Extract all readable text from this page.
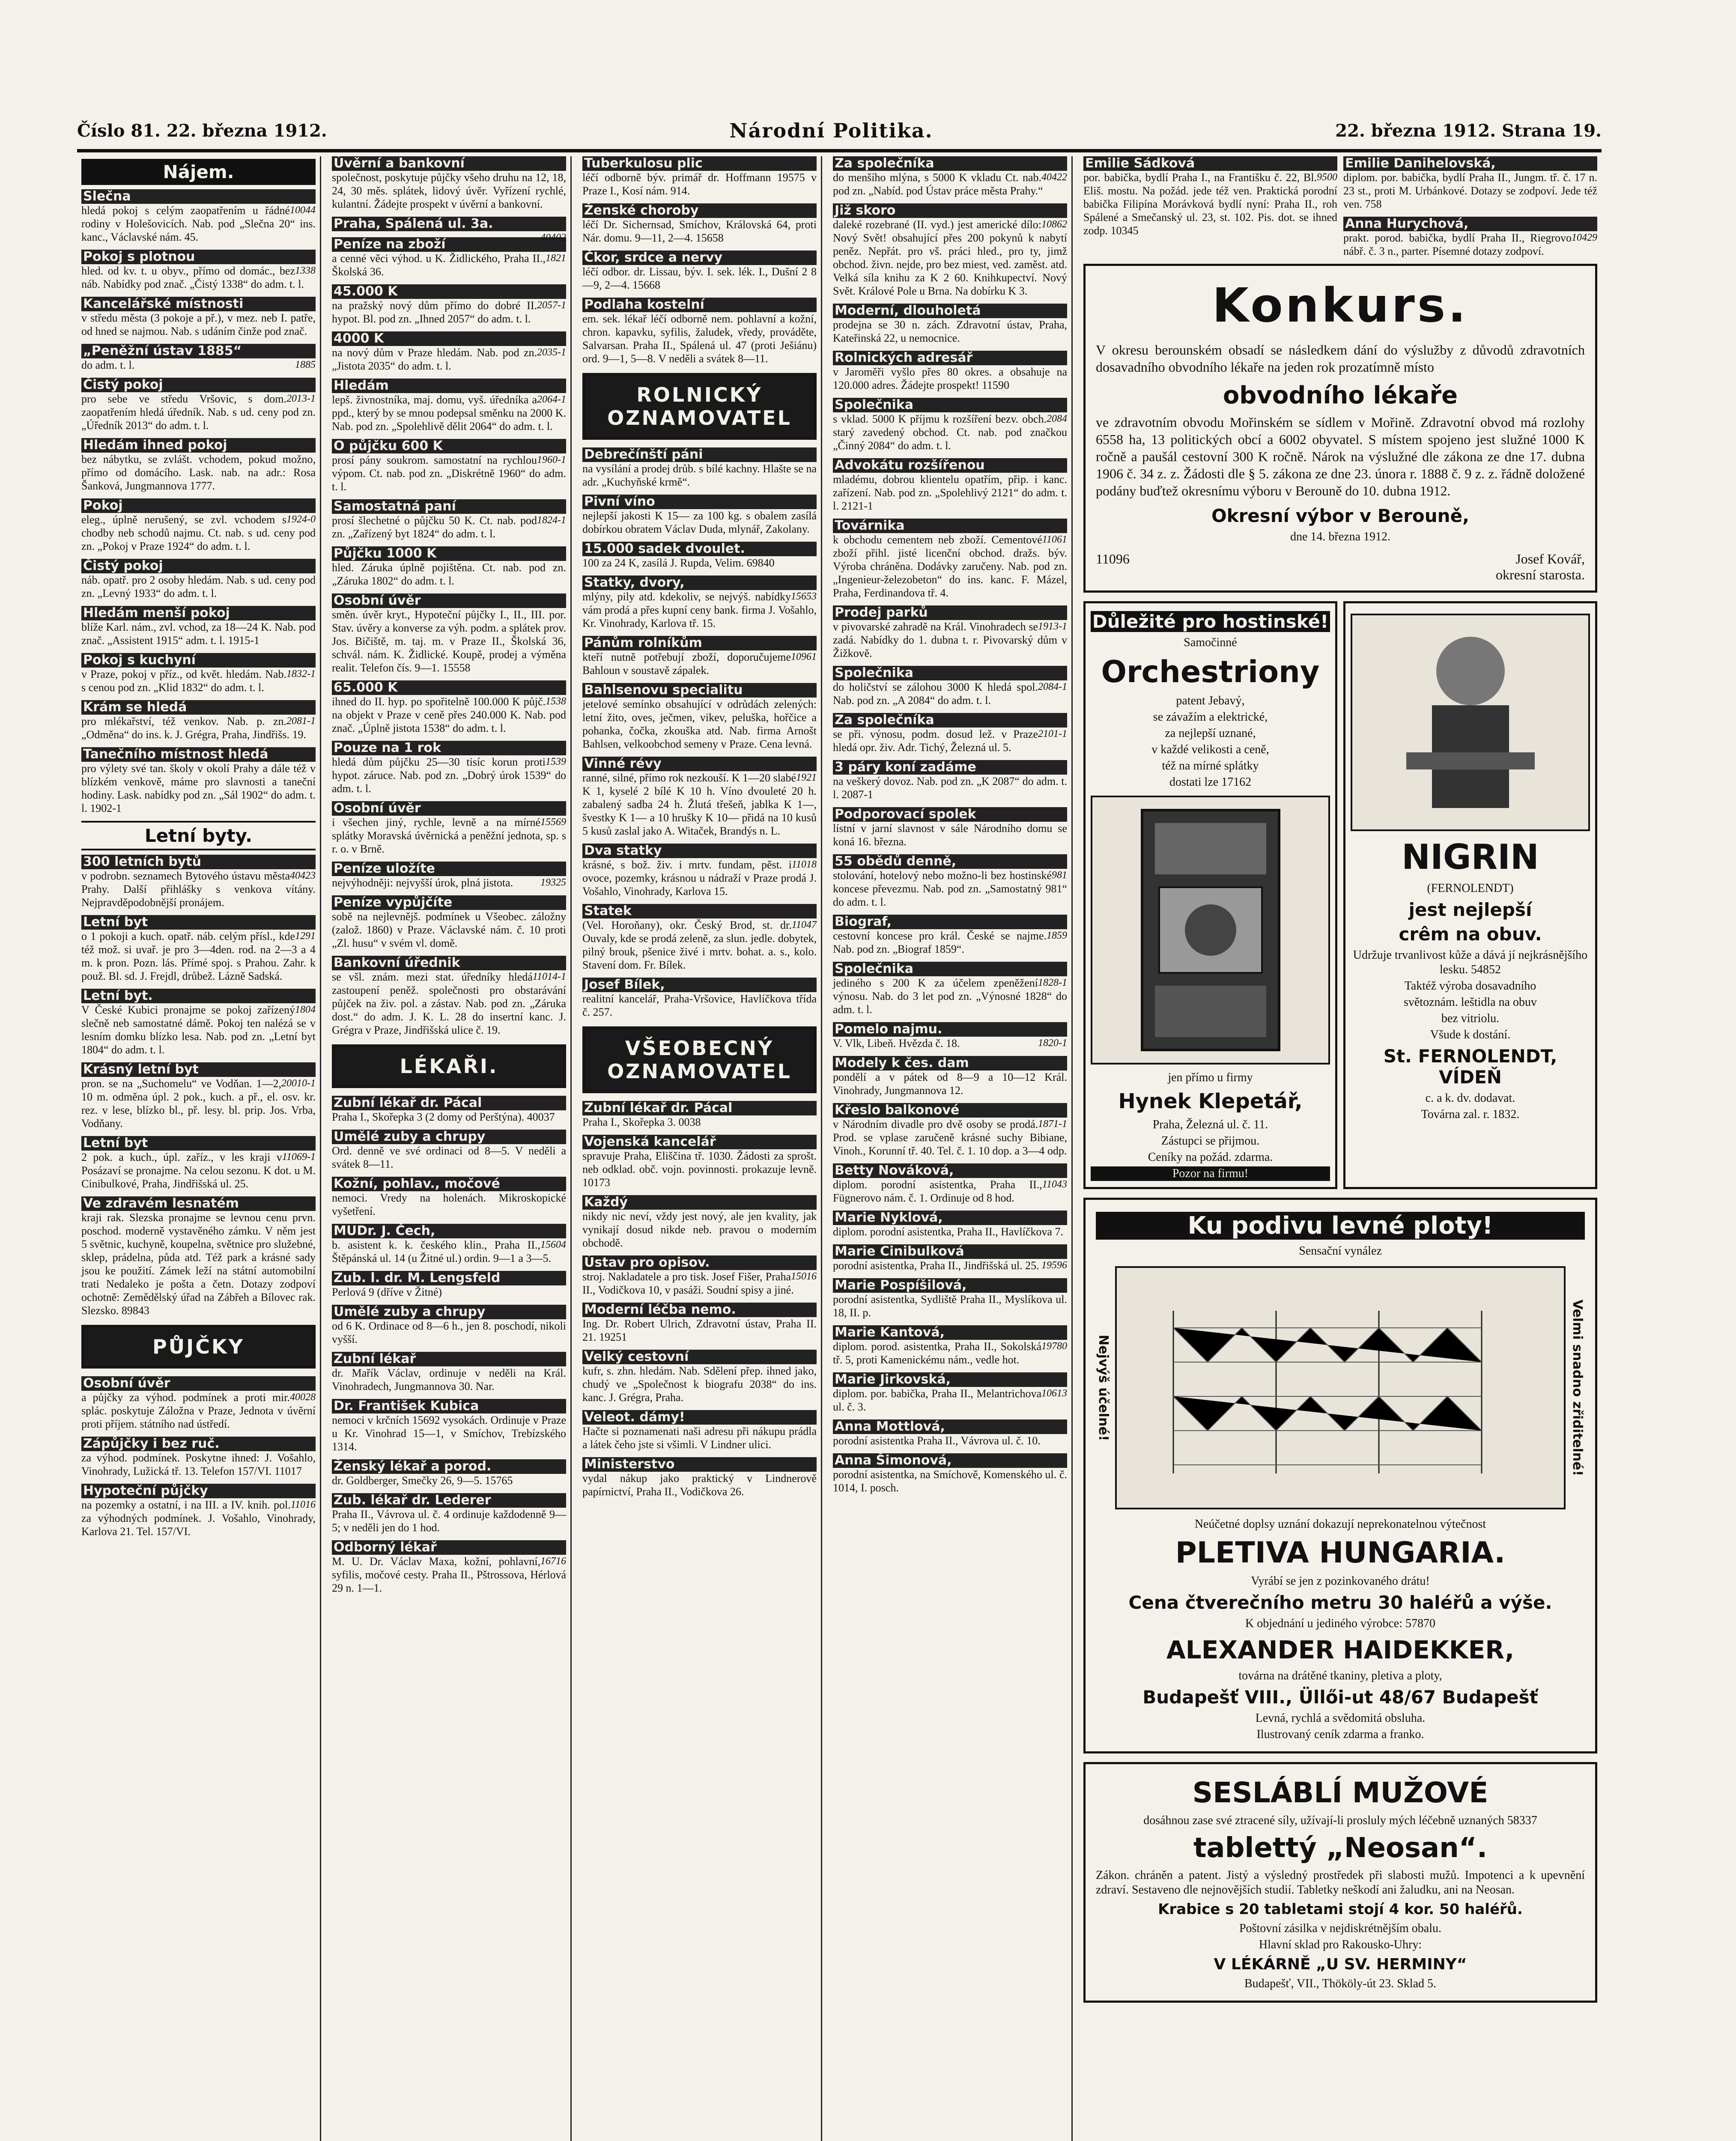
Číslo 81. 22. března 1912.	Národní Politika.	22. března 1912. Strana 19.
Nájem.
Slečna
10044
hledá pokoj s celým zaopatřením u řádné rodiny v Holešovicích. Nab. pod „Slečna 20“ ins. kanc., Václavské nám. 45.
Pokoj s plotnou
1338
hled. od kv. t. u obyv., přímo od domác., bez náb. Nabídky pod znač. „Čistý 1338“ do adm. t. l.
Kancelářské místnosti
v středu města (3 pokoje a př.), v mez. neb I. patře, od hned se najmou. Nab. s udáním činže pod znač.
„Peněžní ústav 1885“
1885
do adm. t. l.
Čistý pokoj
2013-1
pro sebe ve středu Vršovic, s dom. zaopatřením hledá úředník. Nab. s ud. ceny pod zn. „Úředník 2013“ do adm. t. l.
Hledám ihned pokoj
bez nábytku, se zvlášt. vchodem, pokud možno, přímo od domácího. Lask. nab. na adr.: Rosa Šanková, Jungmannova 1777.
Pokoj
1924-0
eleg., úplně nerušený, se zvl. vchodem s chodby neb schodů najmu. Ct. nab. s ud. ceny pod zn. „Pokoj v Praze 1924“ do adm. t. l.
Čistý pokoj
náb. opatř. pro 2 osoby hledám. Nab. s ud. ceny pod zn. „Levný 1933“ do adm. t. l.
Hledám menší pokoj
blíže Karl. nám., zvl. vchod, za 18—24 K. Nab. pod znač. „Assistent 1915“ adm. t. l. 1915-1
Pokoj s kuchyní
1832-1
v Praze, pokoj v příz., od květ. hledám. Nab. s cenou pod zn. „Klid 1832“ do adm. t. l.
Krám se hledá
2081-1
pro mlékařství, též venkov. Nab. p. zn. „Odměna“ do ins. k. J. Grégra, Praha, Jindřišs. 19.
Tanečního místnost hledá
pro výlety své tan. školy v okolí Prahy a dále též v blízkém venkově, máme pro slavnosti a taneční hodiny. Lask. nabídky pod zn. „Sál 1902“ do adm. t. l. 1902-1
Letní byty.
300 letních bytů
40423
v podrobn. seznamech Bytového ústavu města Prahy. Další přihlášky s venkova vítány. Nejpravděpodobnější pronájem.
Letní byt
1291
o 1 pokoji a kuch. opatř. náb. celým přísl., kde též mož. si uvař. je pro 3—4den. rod. na 2—3 a 4 m. k pron. Pozn. lás. Přímé spoj. s Prahou. Zahr. k použ. Bl. sd. J. Frejdl, drůbež. Lázně Sadská.
Letní byt.
1804
V České Kubici pronajme se pokoj zařízený slečně neb samostatné dámě. Pokoj ten nalézá se v lesním domku blízko lesa. Nab. pod zn. „Letní byt 1804“ do adm. t. l.
Krásný letní byt
20010-1
pron. se na „Suchomelu“ ve Vodňan. 1—2, 10 m. odměna úpl. 2 pok., kuch. a př., el. osv. kr. rez. v lese, blízko bl., př. lesy. bl. prip. Jos. Vrba, Vodňany.
Letní byt
11069-1
2 pok. a kuch., úpl. zaříz., v les kraji v Posázaví se pronajme. Na celou sezonu. K dot. u M. Cinibulkové, Praha, Jindřišská ul. 25.
Ve zdravém lesnatém
kraji rak. Slezska pronajme se levnou cenu prvn. poschod. moderně vystavěného zámku. V něm jest 5 světnic, kuchyně, koupelna, světnice pro služebné, sklep, prádelna, půda atd. Též park a krásné sady jsou ke použití. Zámek leží na státní automobilní trati Nedaleko je pošta a četn. Dotazy zodpoví ochotně: Zemědělský úřad na Zábřeh a Bílovec rak. Slezsko. 89843
PŮJČKY
Osobní úvěr
40028
a půjčky za výhod. podmínek a proti mir. splác. poskytuje Záložna v Praze, Jednota v úvěrní proti příjem. státního nad ústředí.
Zápůjčky i bez ruč.
za výhod. podmínek. Poskytne ihned: J. Vošahlo, Vinohrady, Lužická tř. 13. Telefon 157/VI. 11017
Hypoteční půjčky
11016
na pozemky a ostatní, i na III. a IV. knih. pol. za výhodných podmínek. J. Vošahlo, Vinohrady, Karlova 21. Tel. 157/VI.
Úvěrní a bankovní
společnost, poskytuje půjčky všeho druhu na 12, 18, 24, 30 měs. splátek, lidový úvěr. Vyřízení rychlé, kulantní. Žádejte prospekt v úvěrní a bankovní.
Praha, Spálená ul. 3a.
40402
Peníze na zboží
1821
a cenné věci výhod. u K. Židlického, Praha II., Školská 36.
45.000 K
2057-1
na pražský nový dům přímo do dobré II. hypot. Bl. pod zn. „Ihned 2057“ do adm. t. l.
4000 K
2035-1
na nový dům v Praze hledám. Nab. pod zn. „Jistota 2035“ do adm. t. l.
Hledám
2064-1
lepš. živnostníka, maj. domu, vyš. úředníka a ppd., který by se mnou podepsal směnku na 2000 K. Nab. pod zn. „Spolehlivě dělit 2064“ do adm. t. l.
O půjčku 600 K
1960-1
prosí pány soukrom. samostatní na rychlou výpom. Ct. nab. pod zn. „Diskrétně 1960“ do adm. t. l.
Samostatná paní
1824-1
prosí šlechetné o půjčku 50 K. Ct. nab. pod zn. „Zařízený byt 1824“ do adm. t. l.
Půjčku 1000 K
hled. Záruka úplně pojištěna. Ct. nab. pod zn. „Záruka 1802“ do adm. t. l.
Osobní úvěr
směn. úvěr kryt., Hypoteční půjčky I., II., III. por. Stav. úvěry a konverse za výh. podm. a splátek prov. Jos. Bičiště, m. taj. m. v Praze II., Školská 36, schvál. nám. K. Židlické. Koupě, prodej a výměna realit. Telefon čís. 9—1. 15558
65.000 K
1538
ihned do II. hyp. po spořitelně 100.000 K půjč. na objekt v Praze v ceně přes 240.000 K. Nab. pod znač. „Úplně jistota 1538“ do adm. t. l.
Pouze na 1 rok
1539
hledá dům půjčku 25—30 tisíc korun proti hypot. záruce. Nab. pod zn. „Dobrý úrok 1539“ do adm. t. l.
Osobní úvěr
15569
i všechen jiný, rychle, levně a na mírné splátky Moravská úvěrnická a peněžní jednota, sp. s r. o. v Brně.
Peníze uložíte
19325
nejvýhodněji: nejvyšší úrok, plná jistota.
Peníze vypůjčíte
sobě na nejlevnějš. podmínek u Všeobec. záložny (založ. 1860) v Praze. Václavské nám. č. 10 proti „Zl. husu“ v svém vl. domě.
Bankovní úřednik
11014-1
se všl. znám. mezi stat. úředníky hledá zastoupení peněž. společnosti pro obstarávání půjček na živ. pol. a zástav. Nab. pod zn. „Záruka dost.“ do adm. J. K. L. 28 do insertní kanc. J. Grégra v Praze, Jindřišská ulice č. 19.
LÉKAŘI.
Zubní lékař dr. Pácal
Praha I., Skořepka 3 (2 domy od Perštýna). 40037
Umělé zuby a chrupy
Ord. denně ve své ordinaci od 8—5. V neděli a svátek 8—11.
Kožní, pohlav., močové
nemoci. Vredy na holenách. Mikroskopické vyšetření.
MUDr. J. Čech,
15604
b. asistent k. k. českého klin., Praha II., Štěpánská ul. 14 (u Žitné ul.) ordin. 9—1 a 3—5.
Zub. l. dr. M. Lengsfeld
Perlová 9 (dříve v Žitné)
Umělé zuby a chrupy
od 6 K. Ordinace od 8—6 h., jen 8. poschodí, nikoli vyšší.
Zubní lékař
dr. Mařík Václav, ordinuje v neděli na Král. Vinohradech, Jungmannova 30. Nar.
Dr. František Kubica
nemoci v krčních 15692 vysokách. Ordinuje v Praze u Kr. Vinohrad 15—1, v Smíchov, Trebízského 1314.
Ženský lékař a porod.
dr. Goldberger, Smečky 26, 9—5. 15765
Zub. lékař dr. Lederer
Praha II., Vávrova ul. č. 4 ordinuje každodenně 9—5; v neděli jen do 1 hod.
Odborný lékař
16716
M. U. Dr. Václav Maxa, kožní, pohlavní, syfilis, močové cesty. Praha II., Pštrossova, Hérlová 29 n. 1—1.
Tuberkulosu plic
léčí odborně býv. primář dr. Hoffmann 19575 v Praze I., Kosí nám. 914.
Ženské choroby
léčí Dr. Sichernsad, Smíchov, Královská 64, proti Nár. domu. 9—11, 2—4. 15658
Čkor, srdce a nervy
léčí odbor. dr. Lissau, býv. I. sek. lék. I., Dušní 2 8—9, 2—4. 15668
Podlaha kostelní
em. sek. lékař léčí odborně nem. pohlavní a kožní, chron. kapavku, syfilis, žaludek, vředy, prováděte, Salvarsan. Praha II., Spálená ul. 47 (proti Ješiánu) ord. 9—1, 5—8. V neděli a svátek 8—11.
ROLNICKÝ OZNAMOVATEL
Debrečínští páni
na vysílání a prodej drůb. s bílé kachny. Hlašte se na adr. „Kuchyňské krmě“.
Pivní víno
nejlepší jakosti K 15— za 100 kg. s obalem zasílá dobírkou obratem Václav Duda, mlynář, Zakolany.
15.000 sadek dvoulet.
100 za 24 K, zasílá J. Rupda, Velim. 69840
Statky, dvory,
15653
mlýny, pily atd. kdekoliv, se nejvýš. nabídky vám prodá a přes kupní ceny bank. firma J. Vošahlo, Kr. Vinohrady, Karlova tř. 15.
Pánům rolníkům
10961
kteří nutně potřebují zboží, doporučujeme Bahloun v soustavě zápalek.
Bahlsenovu specialitu
jetelové semínko obsahující v odrůdách zelených: letní žito, oves, ječmen, vikev, peluška, hořčice a pohanka, čočka, zkouška atd. Nab. firma Arnošt Bahlsen, velkoobchod semeny v Praze. Cena levná.
Vinné révy
1921
ranné, silné, přímo rok nezkouší. K 1—20 slabé K 1, kyselé 2 bílé K 10 h. Víno dvouleté 20 h. zabalený sadba 24 h. Žlutá třešeň, jablka K 1—, švestky K 1— a 10 hrušky K 10— přidá na 10 kusů 5 kusů zaslal jako A. Witaček, Brandýs n. L.
Dva statky
11018
krásné, s bož. živ. i mrtv. fundam, pěst. i ovoce, pozemky, krásnou u nádraží v Praze prodá J. Vošahlo, Vinohrady, Karlova 15.
Statek
11047
(Vel. Horoňany), okr. Český Brod, st. dr. Ouvaly, kde se prodá zeleně, za slun. jedle. dobytek, pilný brouk, pšenice živé i mrtv. bohat. a. s., kolo. Stavení dom. Fr. Bílek.
Josef Bílek,
realitní kancelář, Praha-Vršovice, Havlíčkova třída č. 257.
VŠEOBECNÝ OZNAMOVATEL
Zubní lékař dr. Pácal
Praha I., Skořepka 3. 0038
Vojenská kancelář
spravuje Praha, Eliščina tř. 1030. Žádosti za sprošt. neb odklad. obč. vojn. povinnosti. prokazuje levně. 10173
Každý
nikdy nic neví, vždy jest nový, ale jen kvality, jak vynikají dosud nikde neb. pravou o moderním obchodě.
Ústav pro opisov.
15016
stroj. Nakladatele a pro tisk. Josef Fišer, Praha II., Vodičkova 10, v pasáži. Soudní spisy a jiné.
Moderní léčba nemo.
Ing. Dr. Robert Ulrich, Zdravotní ústav, Praha II. 21. 19251
Velký cestovní
kufr, s. zhn. hledám. Nab. Sdělení přep. ihned jako, chudý ve „Společnost k biografu 2038“ do ins. kanc. J. Grégra, Praha.
Veleot. dámy!
Hačte si poznamenati naši adresu při nákupu prádla a látek čeho jste si všimli. V Lindner ulici.
Ministerstvo
vydal nákup jako praktický v Lindnerově papírnictví, Praha II., Vodičkova 26.
Za společníka
40422
do menšího mlýna, s 5000 K vkladu Ct. nab. pod zn. „Nabíd. pod Ústav práce města Prahy.“
Již skoro
10862
daleké rozebrané (II. vyd.) jest americké dílo: Nový Svět! obsahující přes 200 pokynů k nabytí peněz. Nepřát. pro vš. práci hled., pro ty, jimž obchod. živn. nejde, pro bez miest, ved. zaměst. atd. Velká síla knihu za K 2 60. Knihkupectví. Nový Svět. Králové Pole u Brna. Na dobírku K 3.
Moderní, dlouholetá
prodejna se 30 n. zách. Zdravotní ústav, Praha, Kateřinská 22, u nemocnice.
Rolnických adresář
v Jaroměři vyšlo přes 80 okres. a obsahuje na 120.000 adres. Žádejte prospekt! 11590
Společnika
2084
s vklad. 5000 K příjmu k rozšíření bezv. obch. starý zavedený obchod. Ct. nab. pod značkou „Činný 2084“ do adm. t. l.
Advokátu rozšířenou
mladému, dobrou klientelu opatřím, přip. i kanc. zařízení. Nab. pod zn. „Spolehlivý 2121“ do adm. t. l. 2121-1
Továrnika
11061
k obchodu cementem neb zboží. Cementové zboží přihl. jisté licenční obchod. dražs. býv. Výroba chráněna. Dodávky zaručeny. Nab. pod zn. „Ingenieur-železobeton“ do ins. kanc. F. Mázel, Praha, Ferdinandova tř. 4.
Prodej parků
1913-1
v pivovarské zahradě na Král. Vinohradech se zadá. Nabídky do 1. dubna t. r. Pivovarský dům v Žižkově.
Společnika
2084-1
do holičství se zálohou 3000 K hledá spol. Nab. pod zn. „A 2084“ do adm. t. l.
Za společníka
2101-1
se při. výnosu, podm. dosud lež. v Praze hledá opr. živ. Adr. Tichý, Železná ul. 5.
3 páry koní zadáme
na veškerý dovoz. Nab. pod zn. „K 2087“ do adm. t. l. 2087-1
Podporovací spolek
lístní v jarní slavnost v sále Národního domu se koná 16. března.
55 obědů denně,
981
stolování, hotelový nebo možno-li bez hostinské koncese převezmu. Nab. pod zn. „Samostatný 981“ do adm. t. l.
Biograf,
1859
cestovní koncese pro král. České se najme. Nab. pod zn. „Biograf 1859“.
Společnika
1828-1
jediného s 200 K za účelem zpeněžení výnosu. Nab. do 3 let pod zn. „Výnosné 1828“ do adm. t. l.
Pomelo najmu.
1820-1
V. Vlk, Libeň. Hvězda č. 18.
Modely k čes. dam
pondělí a v pátek od 8—9 a 10—12 Král. Vinohrady, Jungmannova 12.
Křeslo balkonové
1871-1
v Národním divadle pro dvě osoby se prodá. Prod. se vplase zaručeně krásné suchy Bibiane, Vinoh., Korunní tř. 40. Tel. č. 1. 10 dop. a 3—4 odp.
Betty Nováková,
11043
diplom. porodní asistentka, Praha II., Fügnerovo nám. č. 1. Ordinuje od 8 hod.
Marie Nyklová,
diplom. porodní asistentka, Praha II., Havlíčkova 7.
Marie Cinibulková
19596
porodní asistentka, Praha II., Jindřišská ul. 25.
Marie Pospíšilová,
porodní asistentka, Sydliště Praha II., Myslíkova ul. 18, II. p.
Marie Kantová,
19780
diplom. porod. asistentka, Praha II., Sokolská tř. 5, proti Kamenickému nám., vedle hot.
Marie Jirkovská,
10613
diplom. por. babička, Praha II., Melantrichova ul. č. 3.
Anna Mottlová,
porodní asistentka Praha II., Vávrova ul. č. 10.
Anna Šimonová,
porodní asistentka, na Smíchově, Komenského ul. č. 1014, I. posch.
Emilie Sádková
9500
por. babička, bydlí Praha I., na Františku č. 22, Bl. Eliš. mostu. Na požád. jede též ven. Praktická porodní babička Filipína Morávková bydlí nyní: Praha II., roh Spálené a Smečanský ul. 23, st. 102. Pis. dot. se ihned zodp. 10345
Emilie Danihelovská,
diplom. por. babička, bydlí Praha II., Jungm. tř. č. 17 n. 23 st., proti M. Urbánkové. Dotazy se zodpoví. Jede též ven. 758
Anna Hurychová,
10429
prakt. porod. babička, bydlí Praha II., Riegrovo nábř. č. 3 n., parter. Písemné dotazy zodpoví.
Konkurs.

V okresu berounském obsadí se následkem dání do výslužby z důvodů zdravotních dosavadního obvodního lékaře na jeden rok prozatímně místo

obvodního lékaře

ve zdravotním obvodu Mořinském se sídlem v Mořině. Zdravotní obvod má rozlohy 6558 ha, 13 politických obcí a 6002 obyvatel. S místem spojeno jest služné 1000 K ročně a paušál cestovní 300 K ročně. Nárok na výslužné dle zákona ze dne 17. dubna 1906 č. 34 z. z. Žádosti dle § 5. zákona ze dne 23. února r. 1888 č. 9 z. z. řádně doložené podány buďtež okresnímu výboru v Berouně do 10. dubna 1912.

Okresní výbor v Berouně,
dne 14. března 1912.
11096	Josef Kovář,
okresní starosta.
Důležité pro hostinské!
Samočinné
Orchestriony
patent Jebavý,
se závažím a elektrické,
za nejlepší uznané,
v každé velikosti a ceně,
též na mírné splátky
dostati lze 17162
jen přímo u firmy
Hynek Klepetář,
Praha, Železná ul. č. 11.
Zástupci se přijmou.
Ceníky na požád. zdarma.
Pozor na firmu!
NIGRIN
(FERNOLENDT)
jest nejlepší
crêm na obuv.
Udržuje trvanlivost kůže a dává jí nejkrásnějšího lesku. 54852
Taktéž výroba dosavadního
světoznám. leštidla na obuv
bez vitriolu.
Všude k dostání.
St. FERNOLENDT, VÍDEŇ
c. a k. dv. dodavat.
Továrna zal. r. 1832.
Ku podivu levné ploty!
Sensační vynález
Nejvýš účelné!	Velmi snadno zřiditelné!
Neúčetné doplsy uznání dokazují neprekonatelnou výtečnost
PLETIVA HUNGARIA.
Vyrábí se jen z pozinkovaného drátu!
Cena čtverečního metru 30 haléřů a výše.
K objednání u jediného výrobce: 57870
ALEXANDER HAIDEKKER,
továrna na drátěné tkaniny, pletiva a ploty,
Budapešť VIII., Üllői-ut 48/67 Budapešť
Levná, rychlá a svědomitá obsluha.
Ilustrovaný ceník zdarma a franko.
SESLÁBLÍ MUŽOVÉ
dosáhnou zase své ztracené síly, užívají-li prosluly mých léčebně uznaných 58337
tablettý „Neosan“.
Zákon. chráněn a patent. Jistý a výsledný prostředek při slabosti mužů. Impotenci a k upevnění zdraví. Sestaveno dle nejnovějších studií. Tabletky neškodí ani žaludku, ani na Neosan.
Krabice s 20 tabletami stojí 4 kor. 50 haléřů.
Poštovní zásilka v nejdiskrétnějším obalu.
Hlavní sklad pro Rakousko-Uhry:
V LÉKÁRNĚ „U SV. HERMINY“
Budapešť, VII., Thököly-út 23. Sklad 5.
